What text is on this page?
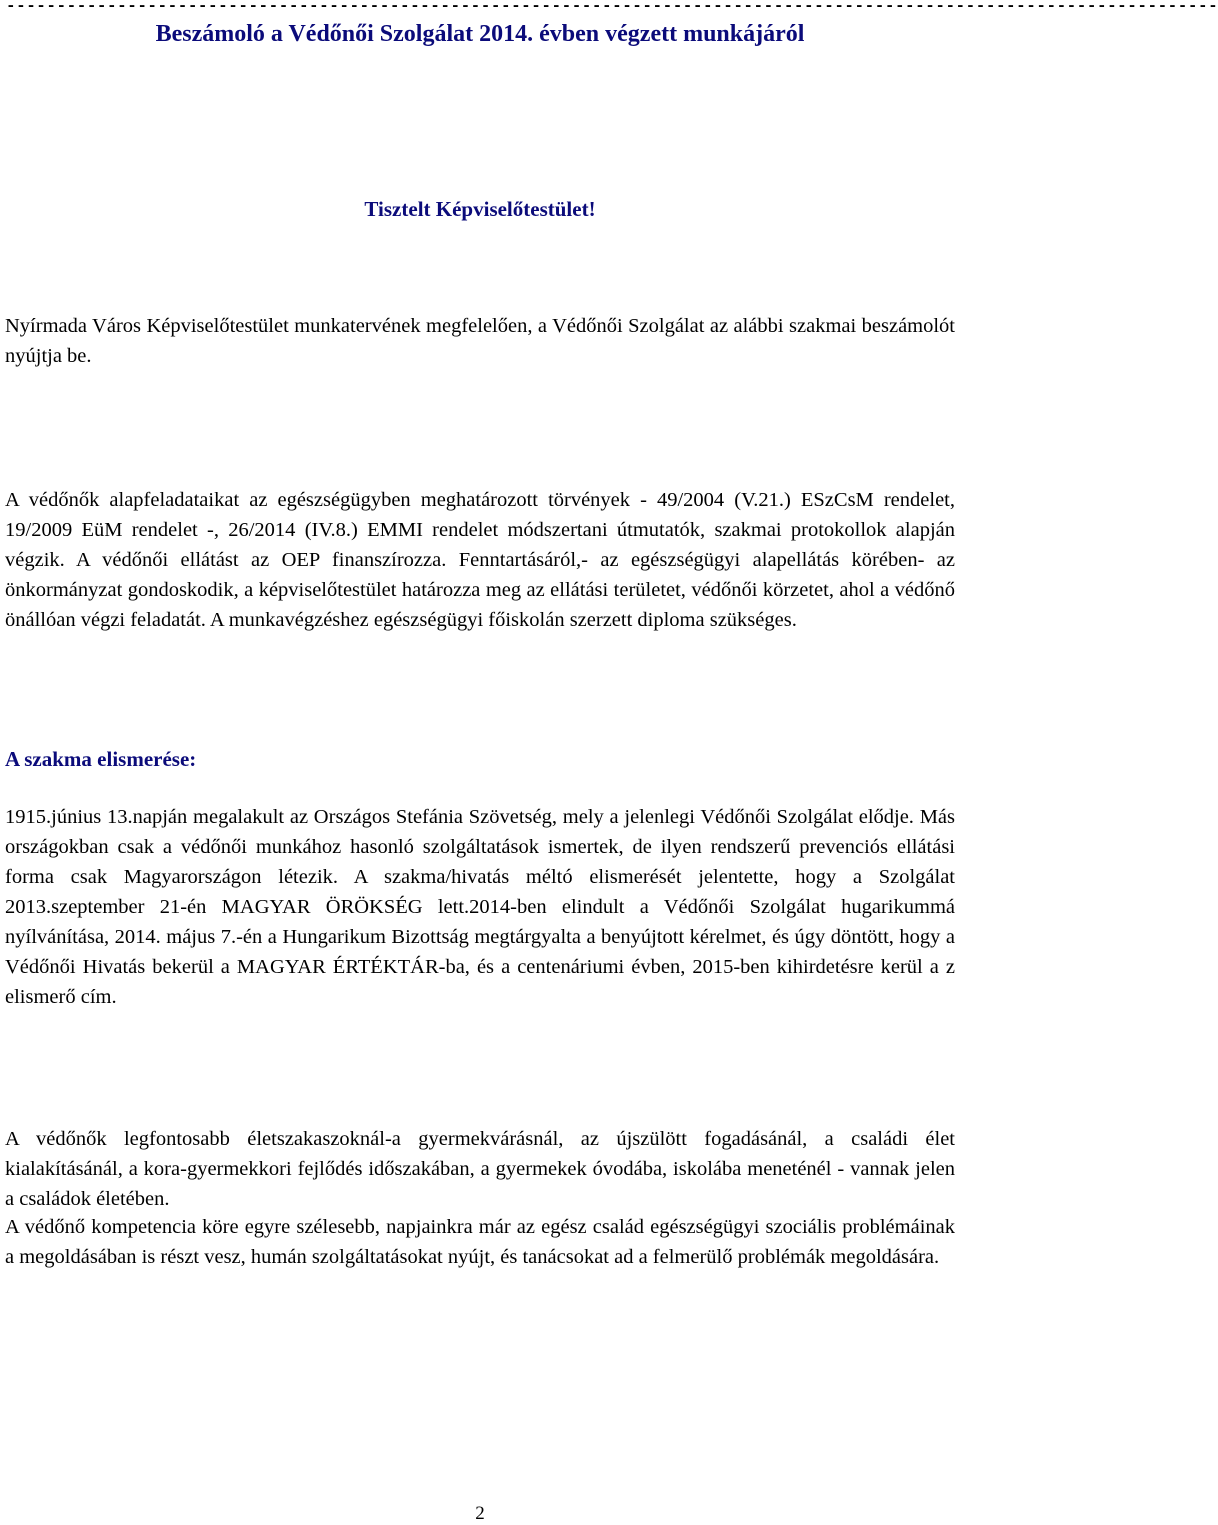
------------------------------------------------------------------------------------------------------------------------
Beszámoló a Védőnői Szolgálat 2014. évben végzett munkájáról
Tisztelt Képviselőtestület!

Nyírmada Város Képviselőtestület munkatervének megfelelően, a Védőnői Szolgálat az alábbi szakmai beszámolót nyújtja be.

A védőnők alapfeladataikat az egészségügyben meghatározott törvények - 49/2004 (V.21.) ESzCsM rendelet, 19/2009 EüM rendelet -, 26/2014 (IV.8.) EMMI rendelet módszertani útmutatók, szakmai protokollok alapján végzik. A védőnői ellátást az OEP finanszírozza. Fenntartásáról,- az egészségügyi alapellátás körében- az önkormányzat gondoskodik, a képviselőtestület határozza meg az ellátási területet, védőnői körzetet, ahol a védőnő önállóan végzi feladatát. A munkavégzéshez egészségügyi főiskolán szerzett diploma szükséges.

A szakma elismerése:

1915.június 13.napján megalakult az Országos Stefánia Szövetség, mely a jelenlegi Védőnői Szolgálat elődje. Más országokban csak a védőnői munkához hasonló szolgáltatások ismertek, de ilyen rendszerű prevenciós ellátási forma csak Magyarországon létezik. A szakma/hivatás méltó elismerését jelentette, hogy a Szolgálat 2013.szeptember 21-én MAGYAR ÖRÖKSÉG lett.2014-ben elindult a Védőnői Szolgálat hugarikummá nyílvánítása, 2014. május 7.-én a Hungarikum Bizottság megtárgyalta a benyújtott kérelmet, és úgy döntött, hogy a Védőnői Hivatás bekerül a MAGYAR ÉRTÉKTÁR-ba, és a centenáriumi évben, 2015-ben kihirdetésre kerül a z elismerő cím.

A védőnők legfontosabb életszakaszoknál-a gyermekvárásnál, az újszülött fogadásánál, a családi élet kialakításánál, a kora-gyermekkori fejlődés időszakában, a gyermekek óvodába, iskolába meneténél - vannak jelen a családok életében.

A védőnő kompetencia köre egyre szélesebb, napjainkra már az egész család egészségügyi szociális problémáinak a megoldásában is részt vesz, humán szolgáltatásokat nyújt, és tanácsokat ad a felmerülő problémák megoldására.

2
